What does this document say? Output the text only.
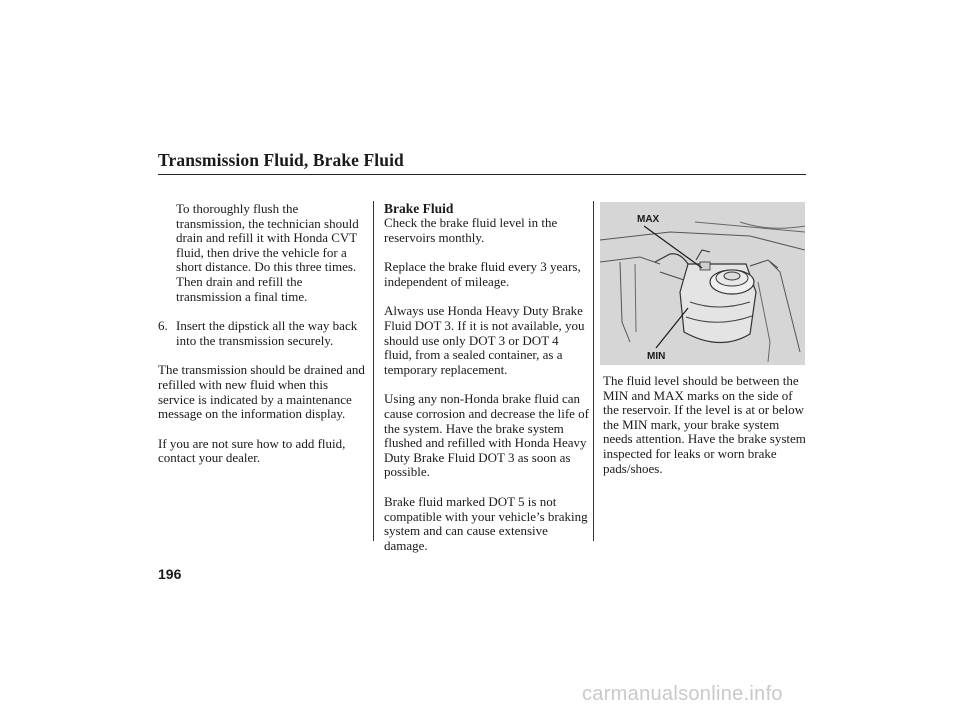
Transmission Fluid, Brake Fluid

To thoroughly flush the transmission, the technician should drain and refill it with Honda CVT fluid, then drive the vehicle for a short distance. Do this three times. Then drain and refill the transmission a final time.

6. Insert the dipstick all the way back into the transmission securely.

The transmission should be drained and refilled with new fluid when this service is indicated by a maintenance message on the information display.

If you are not sure how to add fluid, contact your dealer.

Brake Fluid

Check the brake fluid level in the reservoirs monthly.

Replace the brake fluid every 3 years, independent of mileage.

Always use Honda Heavy Duty Brake Fluid DOT 3. If it is not available, you should use only DOT 3 or DOT 4 fluid, from a sealed container, as a temporary replacement.

Using any non-Honda brake fluid can cause corrosion and decrease the life of the system. Have the brake system flushed and refilled with Honda Heavy Duty Brake Fluid DOT 3 as soon as possible.

Brake fluid marked DOT 5 is not compatible with your vehicle’s braking system and can cause extensive damage.

MAX
MIN

The fluid level should be between the MIN and MAX marks on the side of the reservoir. If the level is at or below the MIN mark, your brake system needs attention. Have the brake system inspected for leaks or worn brake pads/shoes.

196
carmanualsonline.info
